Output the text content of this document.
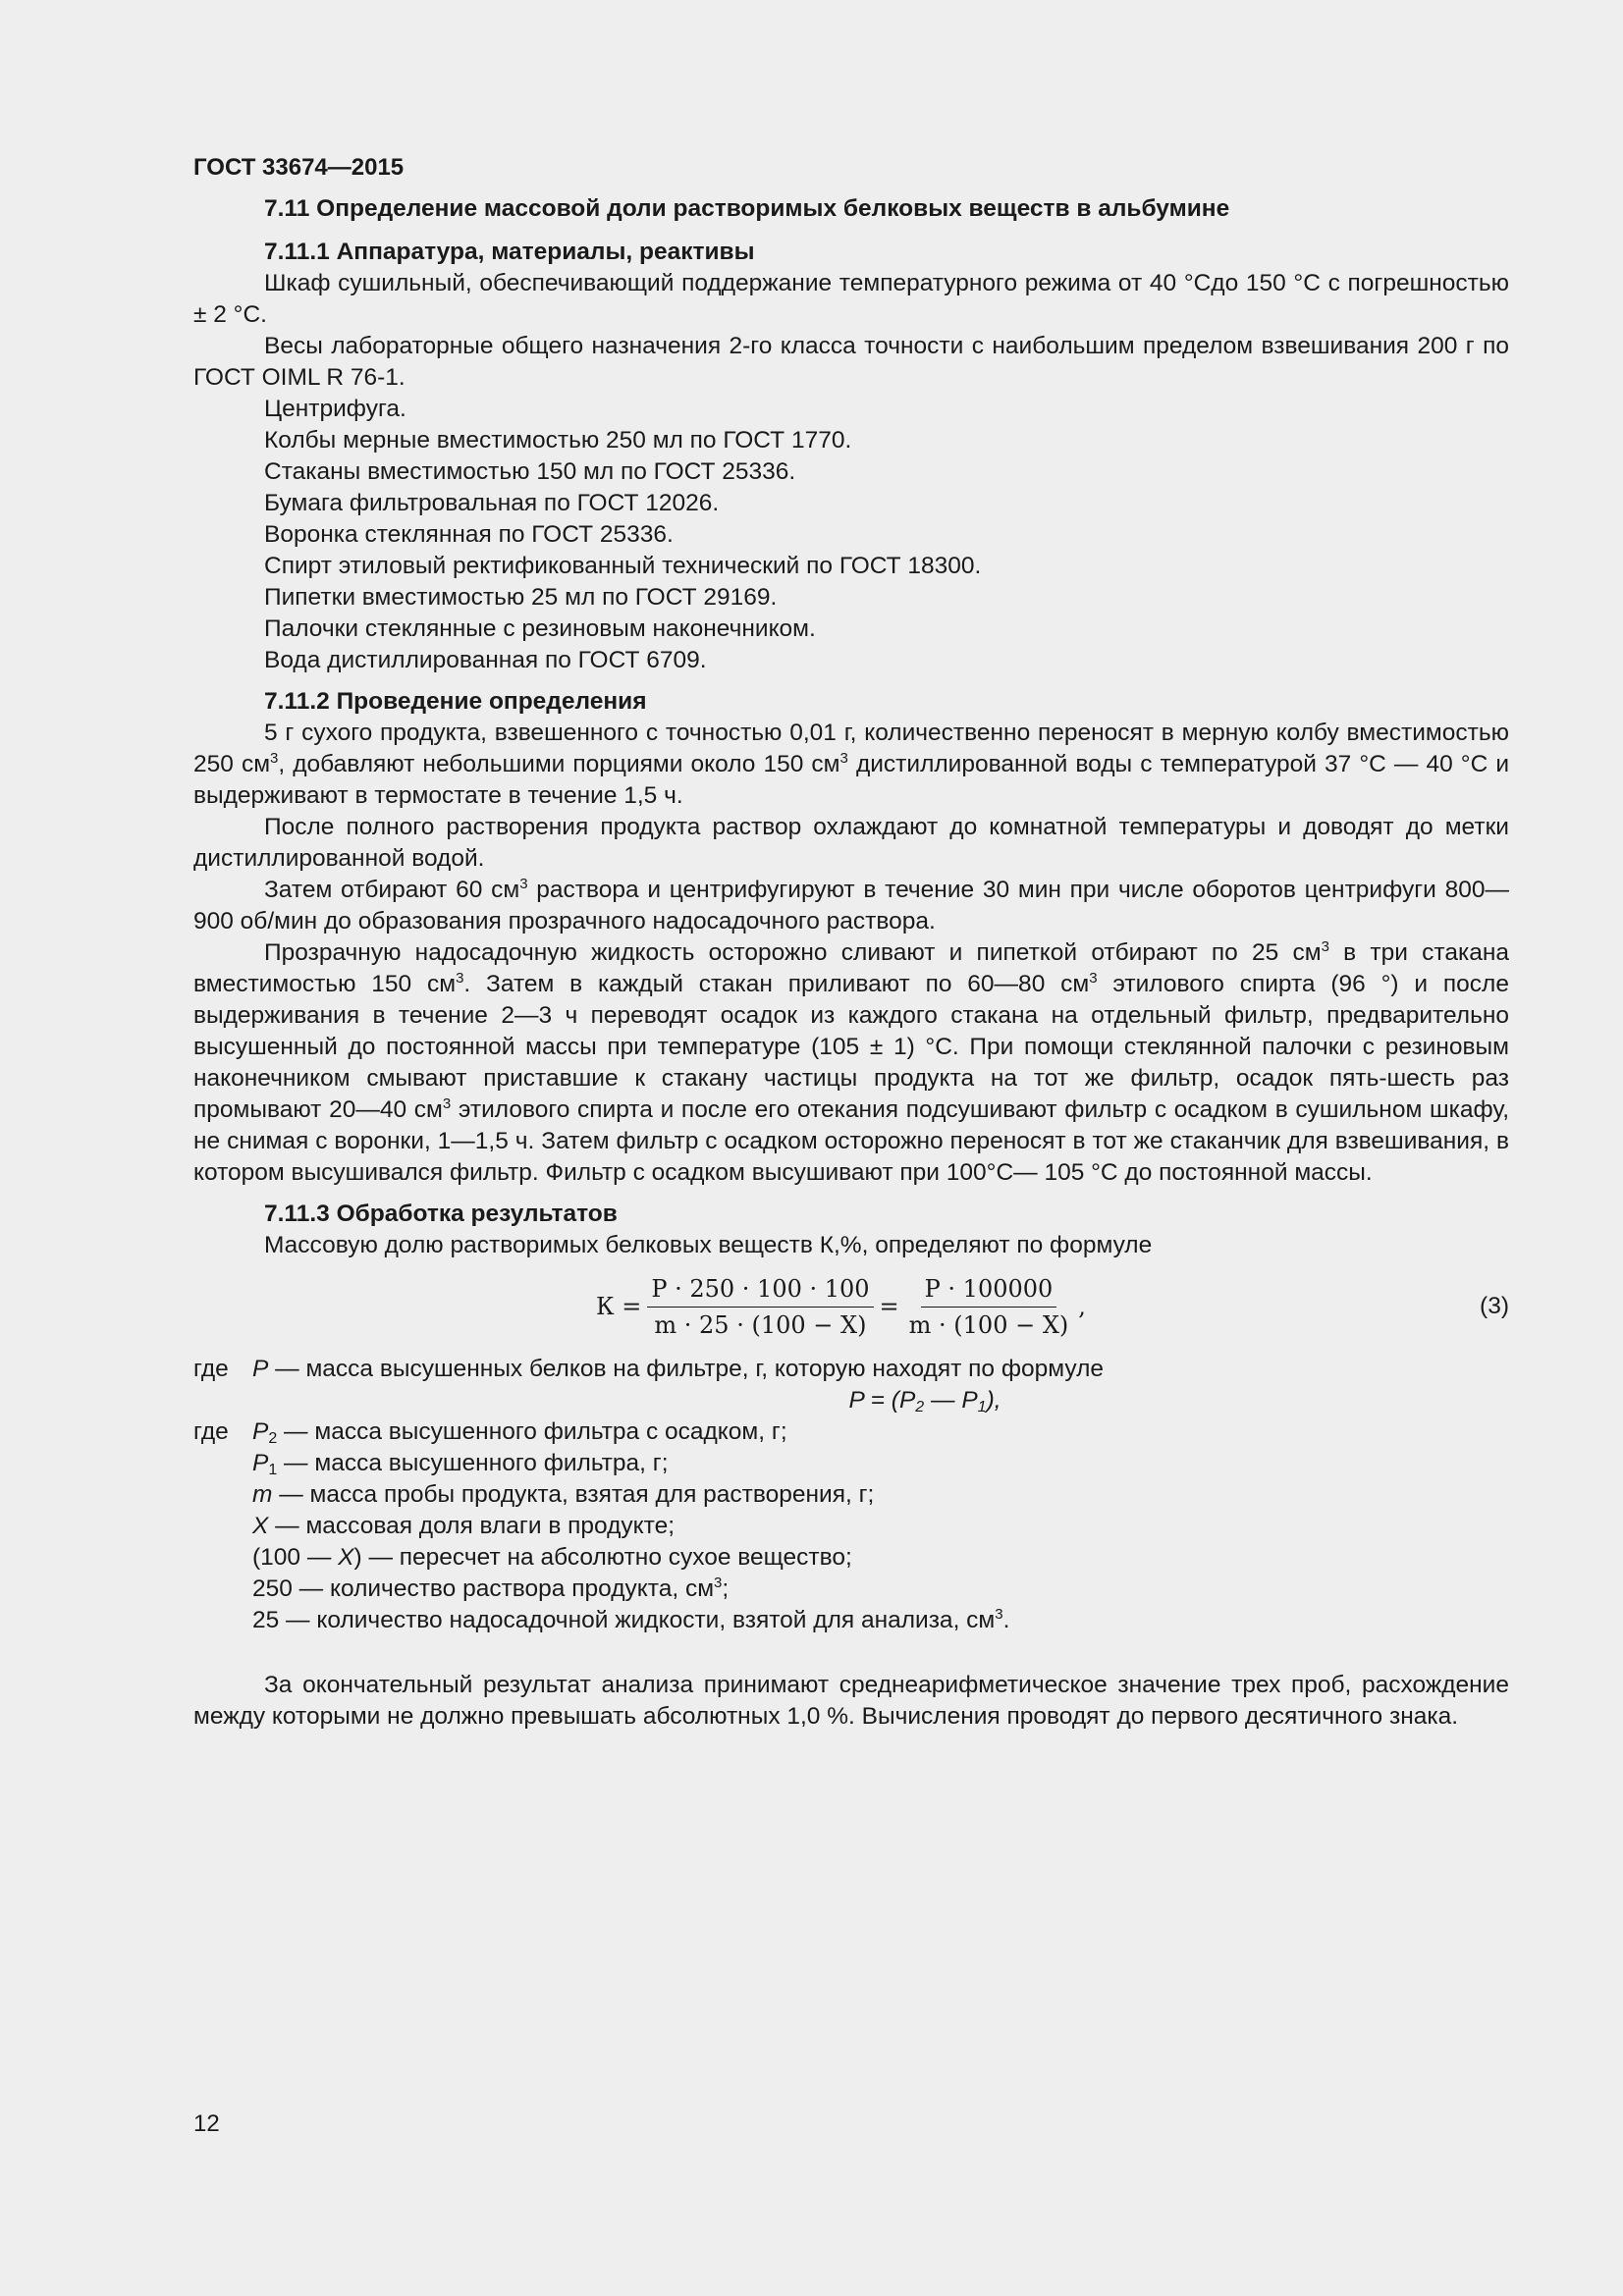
ГОСТ 33674—2015
7.11 Определение массовой доли растворимых белковых веществ в альбумине
7.11.1 Аппаратура, материалы, реактивы

Шкаф сушильный, обеспечивающий поддержание температурного режима от 40 °Сдо 150 °С с погрешностью ± 2 °С.

Весы лабораторные общего назначения 2-го класса точности с наибольшим пределом взвешивания 200 г по ГОСТ OIML R 76-1.

Центрифуга.
Колбы мерные вместимостью 250 мл по ГОСТ 1770.
Стаканы вместимостью 150 мл по ГОСТ 25336.
Бумага фильтровальная по ГОСТ 12026.
Воронка стеклянная по ГОСТ 25336.
Спирт этиловый ректификованный технический по ГОСТ 18300.
Пипетки вместимостью 25 мл по ГОСТ 29169.
Палочки стеклянные с резиновым наконечником.
Вода дистиллированная по ГОСТ 6709.
7.11.2 Проведение определения

5 г сухого продукта, взвешенного с точностью 0,01 г, количественно переносят в мерную колбу вместимостью 250 $см^3$, добавляют небольшими порциями около 150 $см^3$ дистиллированной воды с температурой 37 °С — 40 °С и выдерживают в термостате в течение 1,5 ч.

После полного растворения продукта раствор охлаждают до комнатной температуры и доводят до метки дистиллированной водой.

Затем отбирают 60 $см^3$ раствора и центрифугируют в течение 30 мин при числе оборотов центрифуги 800—900 об/мин до образования прозрачного надосадочного раствора.

Прозрачную надосадочную жидкость осторожно сливают и пипеткой отбирают по 25 $см^3$ в три стакана вместимостью 150 $см^3$. Затем в каждый стакан приливают по 60—80 $см^3$ этилового спирта (96 °) и после выдерживания в течение 2—3 ч переводят осадок из каждого стакана на отдельный фильтр, предварительно высушенный до постоянной массы при температуре (105 ± 1) °С. При помощи стеклянной палочки с резиновым наконечником смывают приставшие к стакану частицы продукта на тот же фильтр, осадок пять-шесть раз промывают 20—40 $см^3$ этилового спирта и после его отекания подсушивают фильтр с осадком в сушильном шкафу, не снимая с воронки, 1—1,5 ч. Затем фильтр с осадком осторожно переносят в тот же стаканчик для взвешивания, в котором высушивался фильтр. Фильтр с осадком высушивают при 100°С— 105 °С до постоянной массы.

7.11.3 Обработка результатов
Массовую долю растворимых белковых веществ К,%, определяют по формуле
$К = \frac{P \cdot 250 \cdot 100 \cdot 100}{m \cdot 25 \cdot (100 - X)} = \frac{P \cdot 100000}{m \cdot (100 - X)}$ ,	(3)
где P — масса высушенных белков на фильтре, г, которую находят по формуле
$P = (P_2$ — $P_1$),
где $P_2$ — масса высушенного фильтра с осадком, г;
$P_1$ — масса высушенного фильтра, г;
m — масса пробы продукта, взятая для растворения, г;
X — массовая доля влаги в продукте;
(100 — X) — пересчет на абсолютно сухое вещество;
250 — количество раствора продукта, $см^3$;
25 — количество надосадочной жидкости, взятой для анализа, $см^3$.

За окончательный результат анализа принимают среднеарифметическое значение трех проб, расхождение между которыми не должно превышать абсолютных 1,0 %. Вычисления проводят до первого десятичного знака.

12
